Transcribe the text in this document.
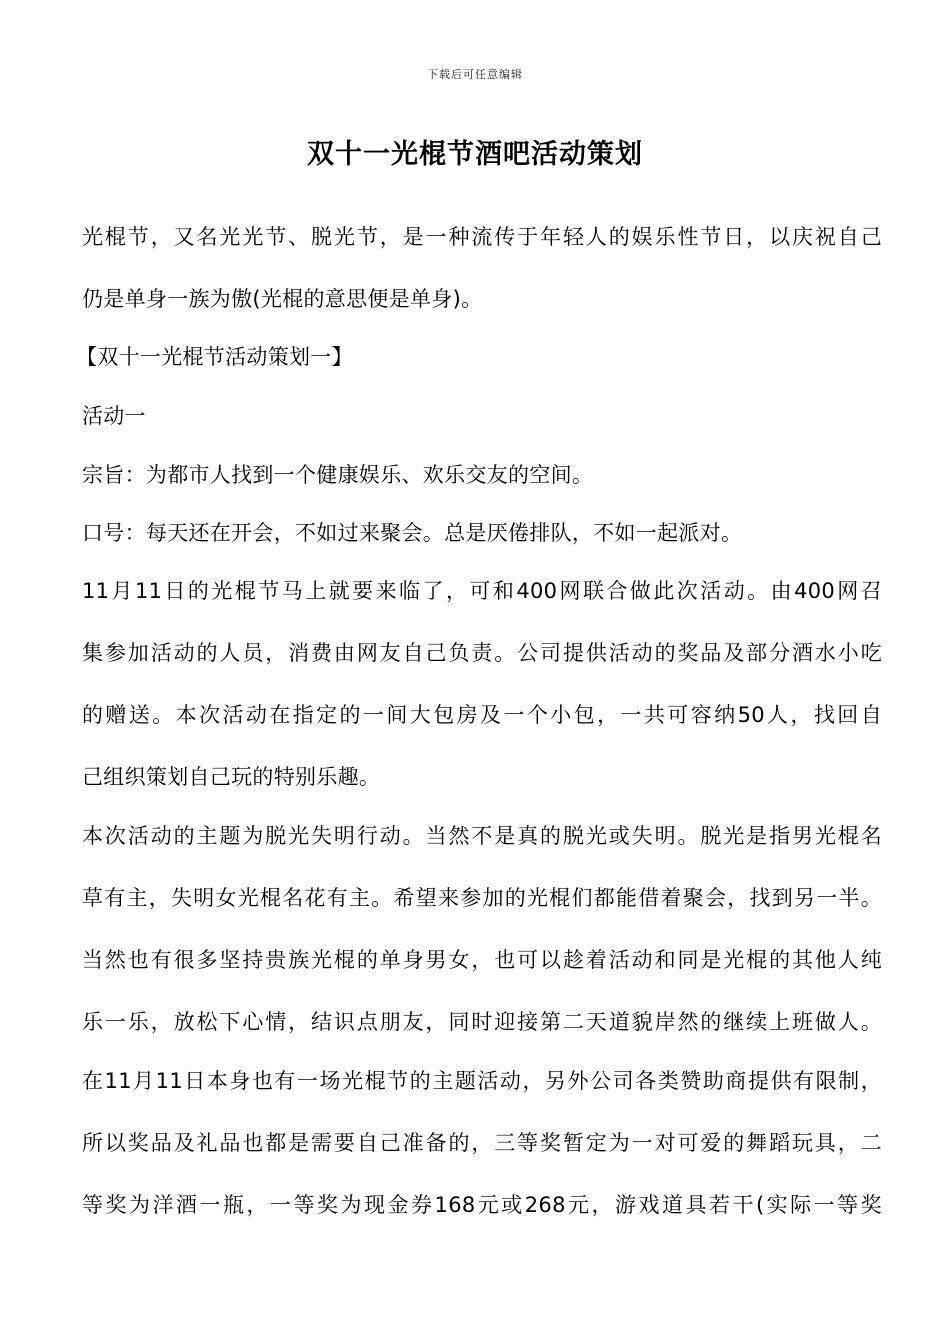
下载后可任意编辑
双十一光棍节酒吧活动策划
光棍节，又名光光节、脱光节，是一种流传于年轻人的娱乐性节日，以庆祝自己
仍是单身一族为傲(光棍的意思便是单身)。
【双十一光棍节活动策划一】
活动一
宗旨：为都市人找到一个健康娱乐、欢乐交友的空间。
口号：每天还在开会，不如过来聚会。总是厌倦排队，不如一起派对。
11月11日的光棍节马上就要来临了，可和400网联合做此次活动。由400网召
集参加活动的人员，消费由网友自己负责。公司提供活动的奖品及部分酒水小吃
的赠送。本次活动在指定的一间大包房及一个小包，一共可容纳50人，找回自
己组织策划自己玩的特别乐趣。
本次活动的主题为脱光失明行动。当然不是真的脱光或失明。脱光是指男光棍名
草有主，失明女光棍名花有主。希望来参加的光棍们都能借着聚会，找到另一半。
当然也有很多坚持贵族光棍的单身男女，也可以趁着活动和同是光棍的其他人纯
乐一乐，放松下心情，结识点朋友，同时迎接第二天道貌岸然的继续上班做人。
在11月11日本身也有一场光棍节的主题活动，另外公司各类赞助商提供有限制，
所以奖品及礼品也都是需要自己准备的，三等奖暂定为一对可爱的舞蹈玩具，二
等奖为洋酒一瓶，一等奖为现金券168元或268元，游戏道具若干(实际一等奖
